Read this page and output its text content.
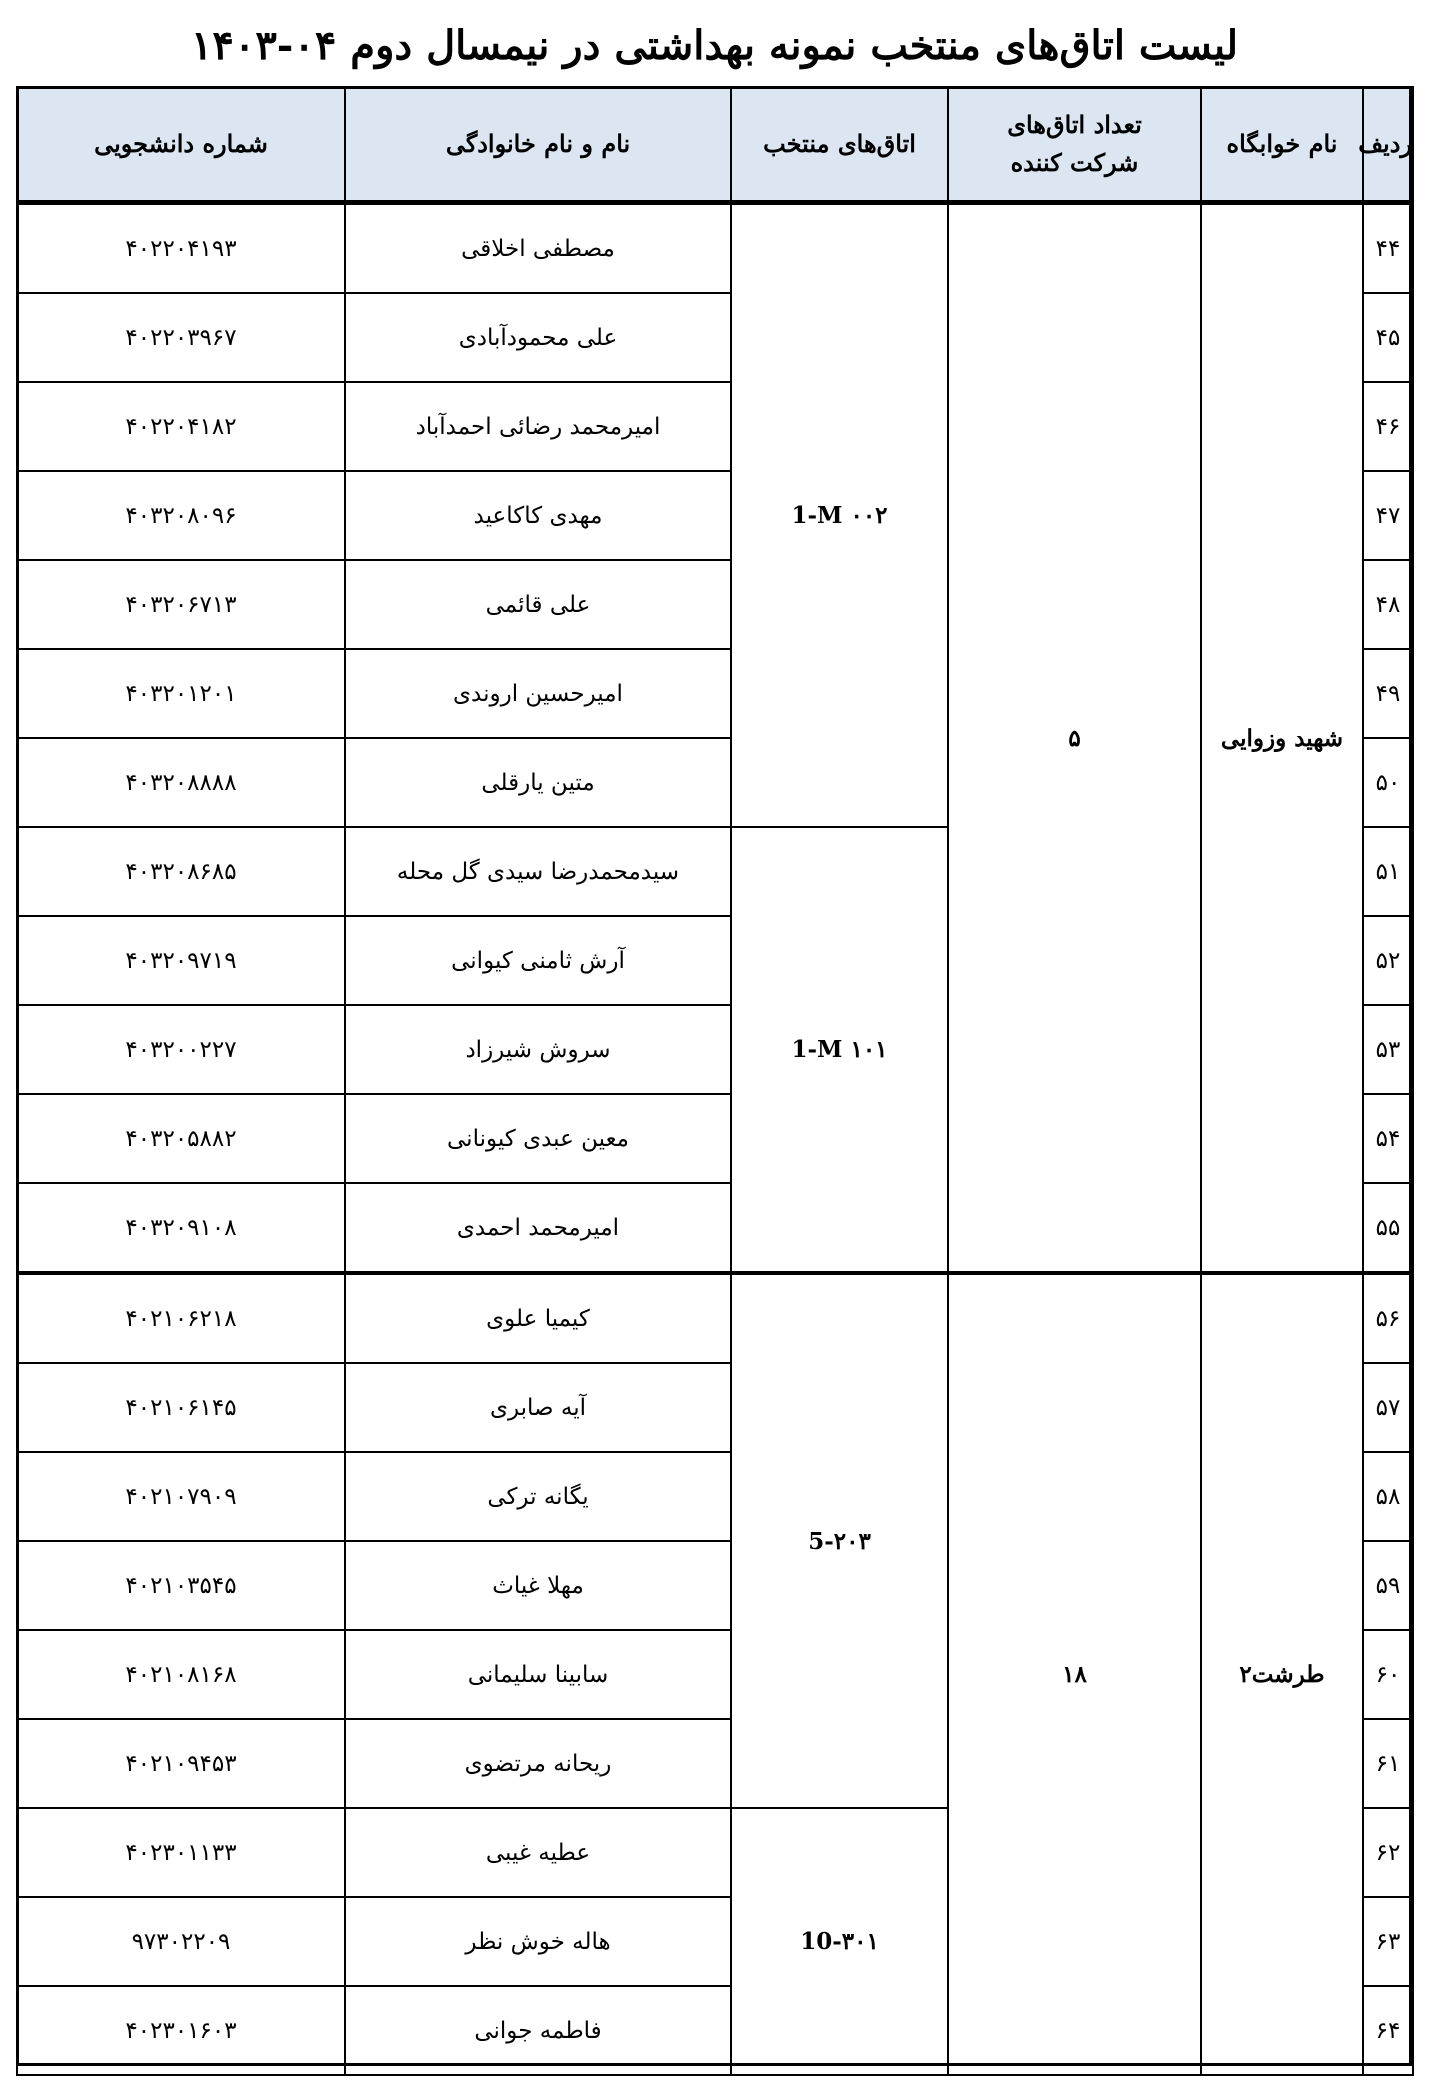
لیست اتاق‌های منتخب نمونه بهداشتی در نیمسال دوم ۰۴-۱۴۰۳
ردیف	نام خوابگاه	تعداد اتاق‌های شرکت کننده	اتاق‌های منتخب	نام و نام خانوادگی	شماره دانشجویی
۴۴	شهید وزوایی	۵	1-M ۰۰۲	مصطفی اخلاقی	۴۰۲۲۰۴۱۹۳
۴۵				علی محمودآبادی	۴۰۲۲۰۳۹۶۷
۴۶				امیرمحمد رضائی احمدآباد	۴۰۲۲۰۴۱۸۲
۴۷				مهدی کاکاعید	۴۰۳۲۰۸۰۹۶
۴۸				علی قائمی	۴۰۳۲۰۶۷۱۳
۴۹				امیرحسین اروندی	۴۰۳۲۰۱۲۰۱
۵۰				متین یارقلی	۴۰۳۲۰۸۸۸۸
۵۱			1-M ۱۰۱	سیدمحمدرضا سیدی گل محله	۴۰۳۲۰۸۶۸۵
۵۲				آرش ثامنی کیوانی	۴۰۳۲۰۹۷۱۹
۵۳				سروش شیرزاد	۴۰۳۲۰۰۲۲۷
۵۴				معین عبدی کیونانی	۴۰۳۲۰۵۸۸۲
۵۵				امیرمحمد احمدی	۴۰۳۲۰۹۱۰۸
۵۶	طرشت۲	۱۸	5-۲۰۳	کیمیا علوی	۴۰۲۱۰۶۲۱۸
۵۷				آیه صابری	۴۰۲۱۰۶۱۴۵
۵۸				یگانه ترکی	۴۰۲۱۰۷۹۰۹
۵۹				مهلا غیاث	۴۰۲۱۰۳۵۴۵
۶۰				سابینا سلیمانی	۴۰۲۱۰۸۱۶۸
۶۱				ریحانه مرتضوی	۴۰۲۱۰۹۴۵۳
۶۲			10-۳۰۱	عطیه غیبی	۴۰۲۳۰۱۱۳۳
۶۳				هاله خوش نظر	۹۷۳۰۲۲۰۹
۶۴				فاطمه جوانی	۴۰۲۳۰۱۶۰۳
